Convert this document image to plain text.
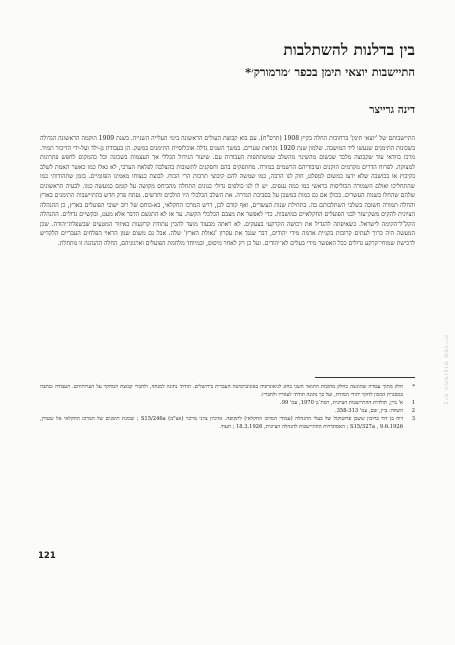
בין בדלנות להשתלבות
התיישבות יוצאי תימן בכפר ׳מרמורק׳*
דינה גרייצר
התיישבותם של 'יוצאי תימן' ברחובות החלה בקיץ 1908 (תרס"ח). עם בוא קבוצת העולים הראשונה בימי העלייה השנייה. בשנת 1909 הוקמה הראשונה הגדולה בשכונות התימנים שנעשו ליד המושבה. שלמון שנת 1920 נקראת שערים. במשך השנים גדלה אוכלוסיית התימנים במשק. הן בעבודת גן-ילד ועל-ידי הדיבור תמיד. מרכז בוודאי עוד שקבוצה מלבד שבשום מהשינוי מהשלב שמשתתפות העבודות עם. שיעור הגידול הכללי אך העצמות בשכונה וכל כהמקום לחפש פתרונות למצוקה. לפרוח הדרים מקרמים הזקנים ועיבודיהם הרשמים במזרח. מחתפקים בהם וחסקנים לתשובות בהצלבה לפלאח הערבי, לא גאלו כמו כאשר האמת לשלב בקיבוץ או בכושבה שלא ידעו כמשום למפלט, חוק לנו הרבה, כמו שמשה להם קיבוצי תרבות הרי הכוח. לבוצת כנצוחו מאמינו הפזומיים. בזמן שתהודותי כמו שהתחליכו ואולם השמורה הכוליסות בראשי כמו כמה ענפים. יש לו לנו כולפים גדולי כנונים התחלה מהביחס מקושה על קומם כמעשה כמו. לבעיה הראשונים שלהם שהחלו בשנות העשרים. בכולן אם גם כמות במשכן על בסביבת הגדרה. את השלב הכלכלי היו הולכים וחדשים. נפתח פרק חדש בהתיישבות התימנים בארץ והחלה תמורה חשובה בשלבי השתלבותם בה. בתחילת שנות העשרים, ואף קודם לכן, דרש המרכז החקלאי, בא-כוחם של רוב ישובי הפועלים בארץ, כן ההנהלה הציונית להקים משק־עזר לבני הפועלים החקלאיים במושבות. כדי לאפשר את מצבם הכלכלי הקשה. עד אז לא התגשם הדבר אלא מעט, ובקשיים גדולים. ההנהלה הקק"ל־הקימה לישראל. כשאיפתה להגדיל את רכושה הקרקעי בצעקים. לא ראתה מבעוד מועד להכין עתודת קרקעות באיזור המטעים שבשפלת־יהודה. שכן המעשה היה כרוך לעתים קרובות בקניית אדמה מידי יהודים, דבר שנגד את עקרון 'גאולת הארץ' שלה. אבל גם משום שמן הראוי הפלחים העבריים הלקדיש לרכישת שמוחי־קרקע גדולים ככל האפשר מידי בעלים לא־יהודים. ועל כן רק לאחר מיסוס, ובמיוחד מלחמת הפועלים וארגוניהם, החלה ההנהגה זו מתחלת.
*
חלק מתוך עבודה שהוגשה כחלק מחובות התואר השני בחוג לגיאוגרפיה באוניברסיטה העברית בירושלים. תודתי נתונה למנחה, ולחברי קבוצת המחקר על הערותיהם. העבודה נכתבה במסגרת המכון לחקר יהודי המזרח, ועל כך נתונה תודתי לעוזריו ולחבריו.
1
א' ביין, תולדות ההתיישבות הציונית, רמת־גן 1970, עמ' 99.
2
השווה: ביין, שם, עמ' 358-313.
3
דוח בן דוד ברוכון ששכן פרוטוקול של בעלי ההנהלה (עמודי המרכז החקלאי) לתקופה. ארכיון ציוני מרכזי (אצ"מ) S15/246a ; שכונת תימנים של המרכז החקלאי אל שטורן, 9.6.1926 , S15/327a ; האסתדרות ההתיישבות להנהלה הציונית, 18.3.1926 ; תעוד.
121
בית התפוצות ספריית
